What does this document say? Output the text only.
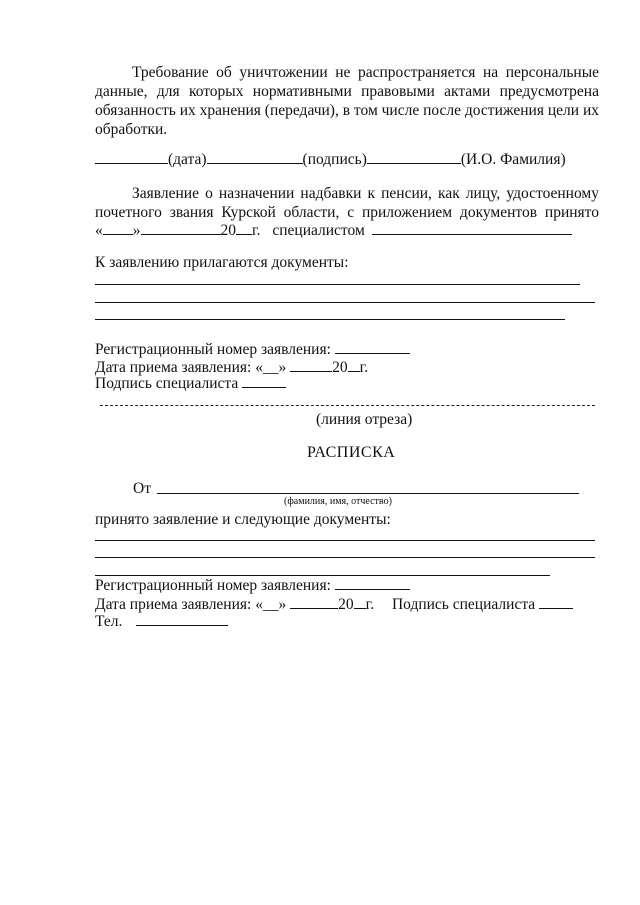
Требование об уничтожении не распространяется на персональные
данные, для которых нормативными правовыми актами предусмотрена
обязанность их хранения (передачи), в том числе после достижения цели их
обработки.
(дата)	(подпись)	(И.О. Фамилия)
Заявление о назначении надбавки к пенсии, как лицу, удостоенному
почетного звания Курской области, с приложением документов принято
« »	20 г. специалистом
К заявлению прилагаются документы:
Регистрационный номер заявления:
Дата приема заявления: «__»	20 г.
Подпись специалиста
(линия отреза)
РАСПИСКА
От
(фамилия, имя, отчество)
принято заявление и следующие документы:
Регистрационный номер заявления:
Дата приема заявления: «__»	20 г. Подпись специалиста
Тел.
